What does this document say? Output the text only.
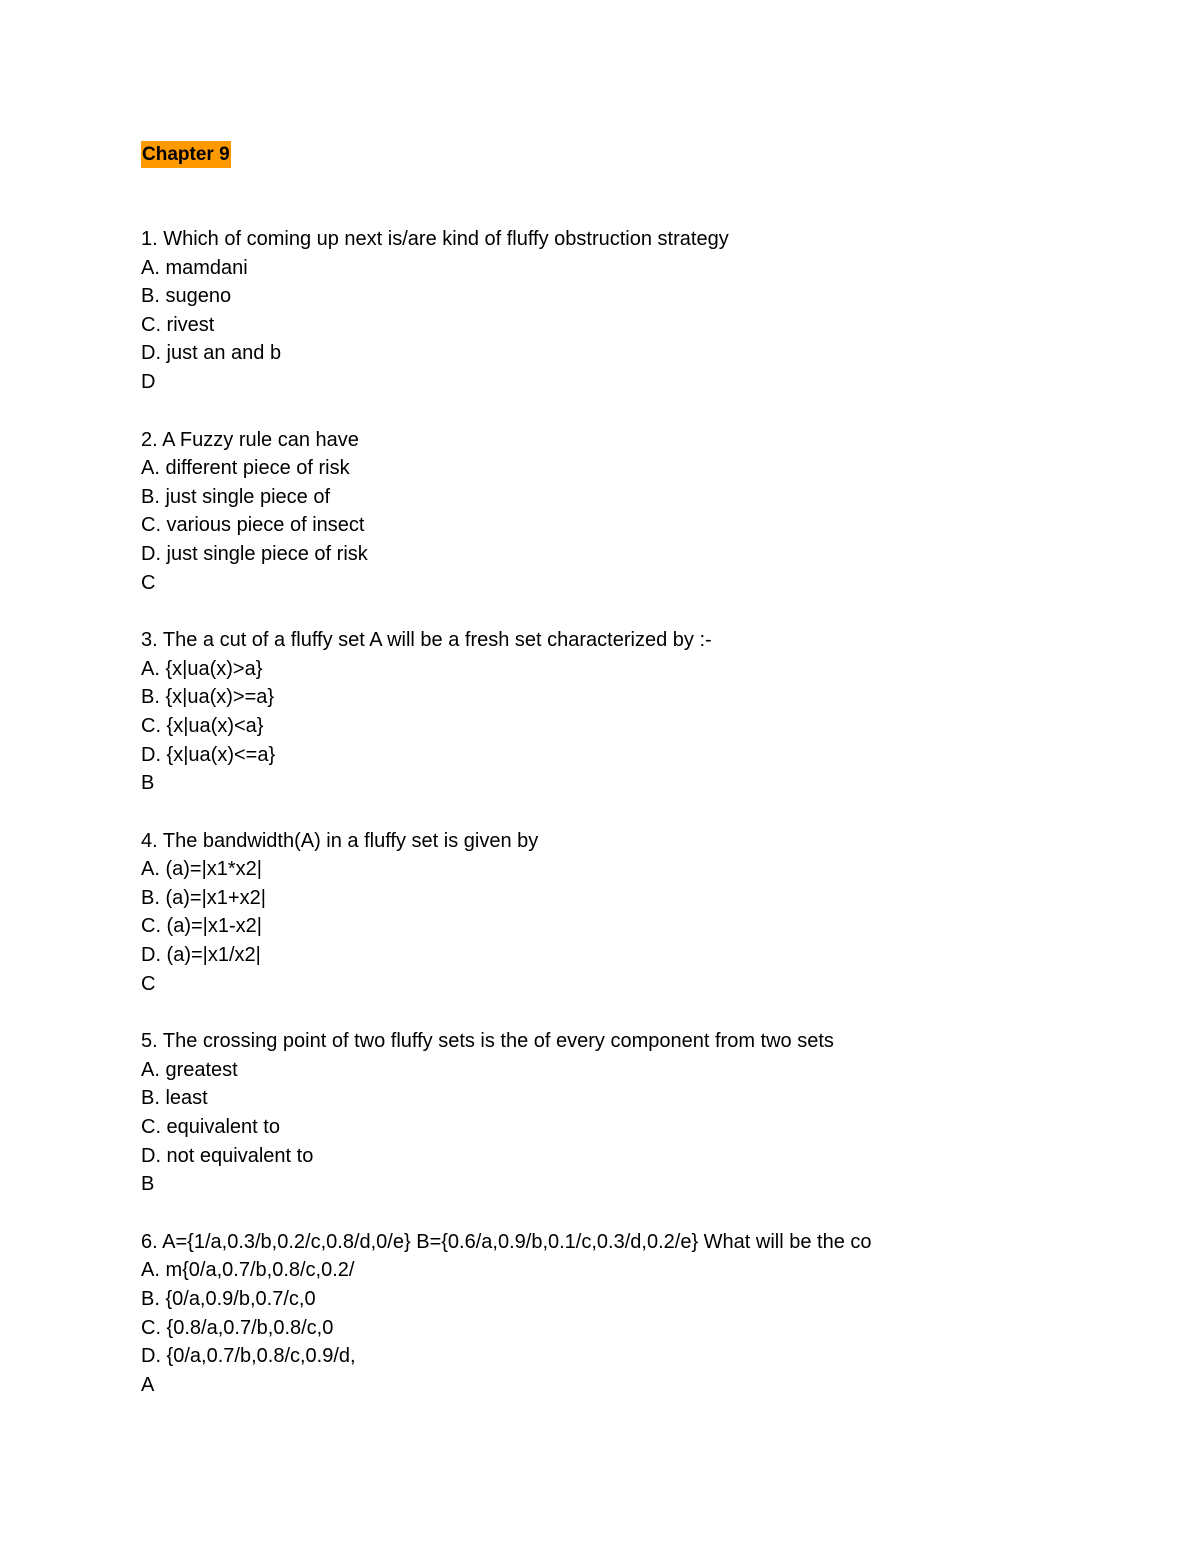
Chapter 9
1. Which of coming up next is/are kind of fluffy obstruction strategy
A. mamdani
B. sugeno
C. rivest
D. just an and b
D
2. A Fuzzy rule can have
A. different piece of risk
B. just single piece of
C. various piece of insect
D. just single piece of risk
C
3. The a cut of a fluffy set A will be a fresh set characterized by :-
A. {x|ua(x)>a}
B. {x|ua(x)>=a}
C. {x|ua(x)<a}
D. {x|ua(x)<=a}
B
4. The bandwidth(A) in a fluffy set is given by
A. (a)=|x1*x2|
B. (a)=|x1+x2|
C. (a)=|x1-x2|
D. (a)=|x1/x2|
C
5. The crossing point of two fluffy sets is the of every component from two sets
A. greatest
B. least
C. equivalent to
D. not equivalent to
B
6. A={1/a,0.3/b,0.2/c,0.8/d,0/e} B={0.6/a,0.9/b,0.1/c,0.3/d,0.2/e} What will be the co
A. m{0/a,0.7/b,0.8/c,0.2/
B. {0/a,0.9/b,0.7/c,0
C. {0.8/a,0.7/b,0.8/c,0
D. {0/a,0.7/b,0.8/c,0.9/d,
A
